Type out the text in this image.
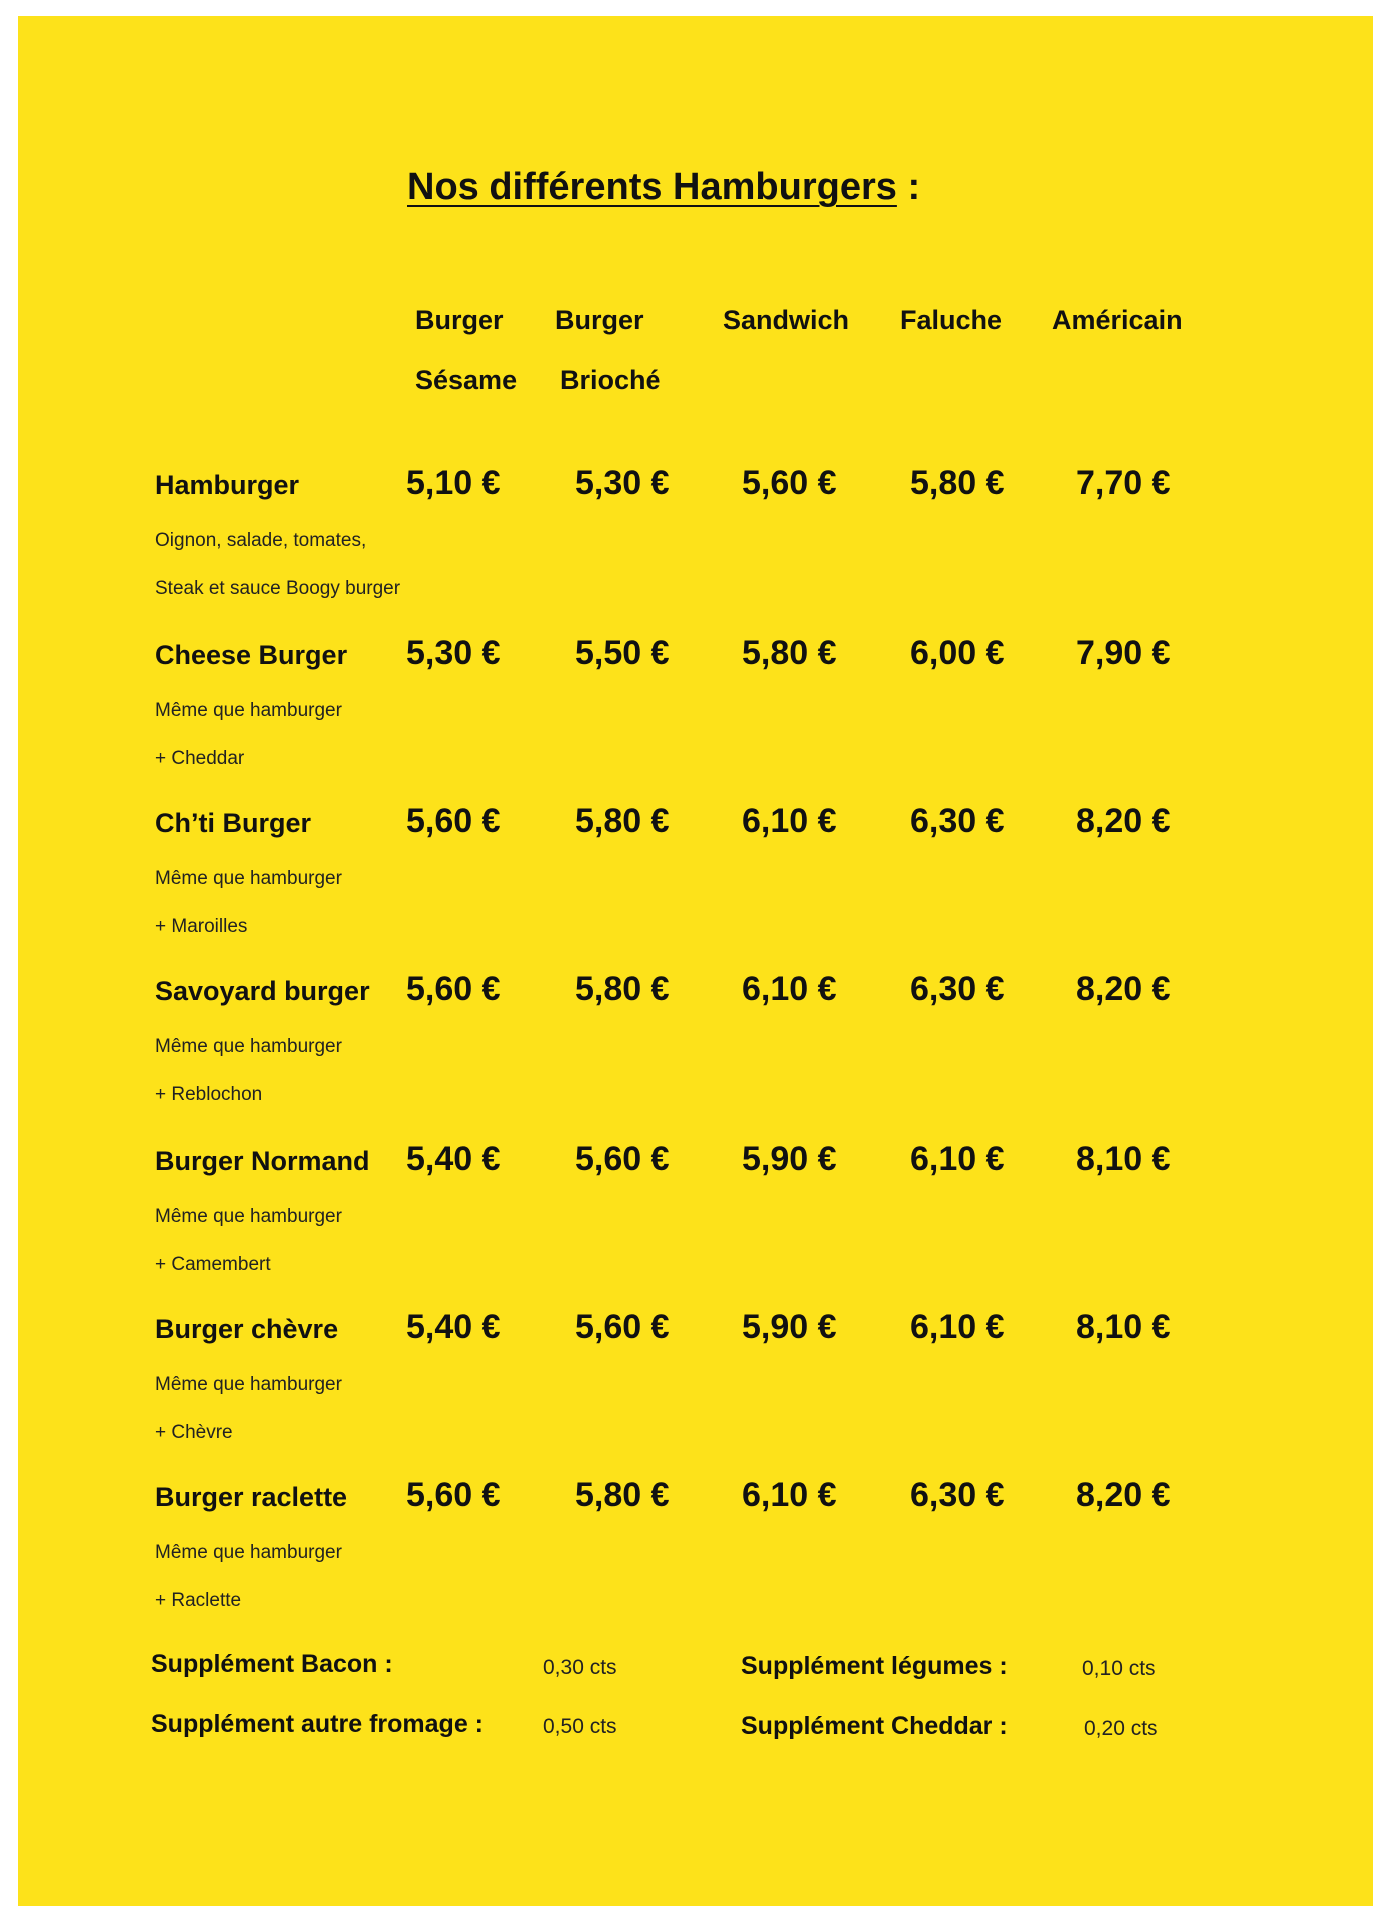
Nos différents Hamburgers :
Burger
Sésame
Burger
Brioché
Sandwich	Faluche	Américain
Hamburger
Oignon, salade, tomates,
Steak et sauce Boogy burger
5,10 €	5,30 €	5,60 €	5,80 €	7,70 €
Cheese Burger
Même que hamburger
+ Cheddar
5,30 €	5,50 €	5,80 €	6,00 €	7,90 €
Ch’ti Burger
Même que hamburger
+ Maroilles
5,60 €	5,80 €	6,10 €	6,30 €	8,20 €
Savoyard burger
Même que hamburger
+ Reblochon
5,60 €	5,80 €	6,10 €	6,30 €	8,20 €
Burger Normand
Même que hamburger
+ Camembert
5,40 €	5,60 €	5,90 €	6,10 €	8,10 €
Burger chèvre
Même que hamburger
+ Chèvre
5,40 €	5,60 €	5,90 €	6,10 €	8,10 €
Burger raclette
Même que hamburger
+ Raclette
5,60 €	5,80 €	6,10 €	6,30 €	8,20 €
Supplément Bacon :	0,30 cts	Supplément légumes :	0,10 cts
Supplément autre fromage :	0,50 cts	Supplément Cheddar :	0,20 cts
